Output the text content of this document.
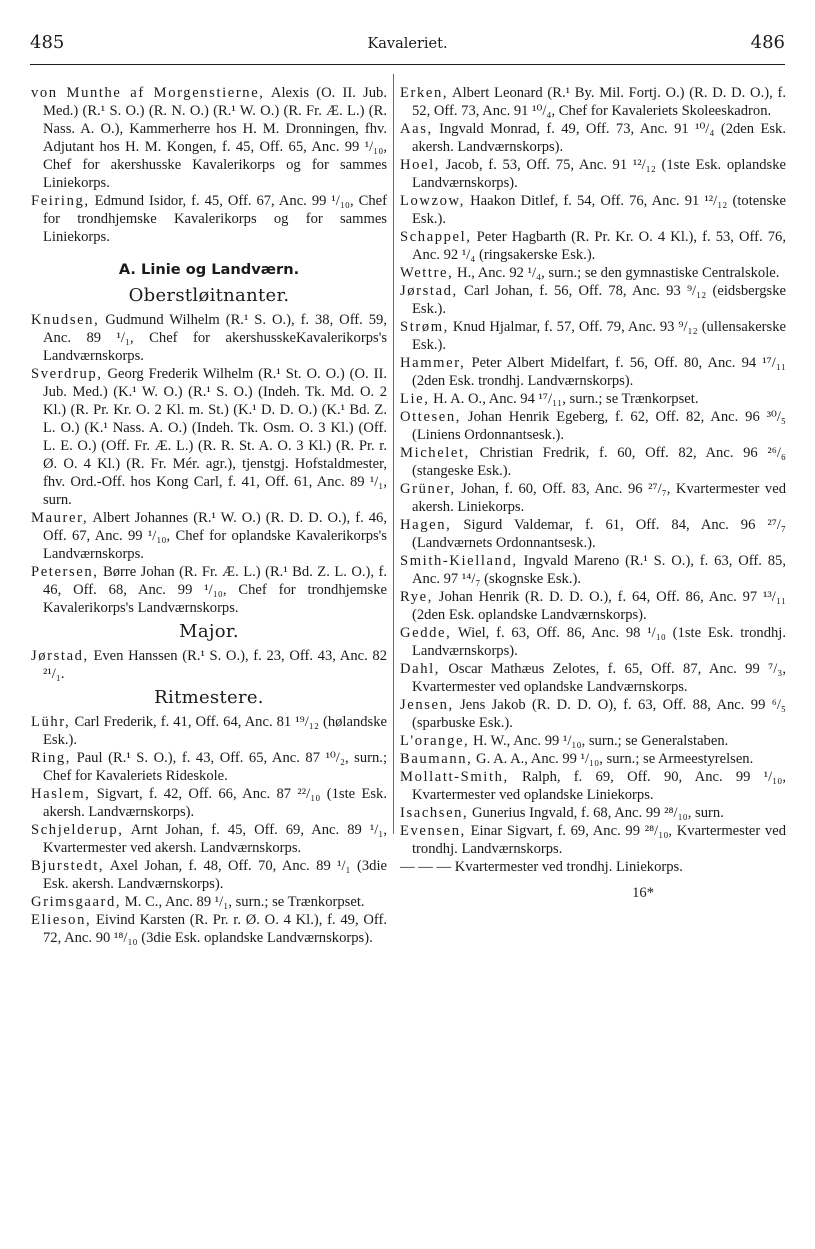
485	Kavaleriet.	486

von Munthe af Morgenstierne, Alexis (O. II. Jub. Med.) (R.¹ S. O.) (R. N. O.) (R.¹ W. O.) (R. Fr. Æ. L.) (R. Nass. A. O.), Kammerherre hos H. M. Dronningen, fhv. Adjutant hos H. M. Kongen, f. 45, Off. 65, Anc. 99 ¹/₁₀, Chef for akershusske Kavalerikorps og for sammes Liniekorps.

Feiring, Edmund Isidor, f. 45, Off. 67, Anc. 99 ¹/₁₀, Chef for trondhjemske Kavalerikorps og for sammes Liniekorps.

A. Linie og Landværn.
Oberstløitnanter.

Knudsen, Gudmund Wilhelm (R.¹ S. O.), f. 38, Off. 59, Anc. 89 ¹/₁, Chef for akershusskeKavalerikorps's Landværnskorps.

Sverdrup, Georg Frederik Wilhelm (R.¹ St. O. O.) (O. II. Jub. Med.) (K.¹ W. O.) (R.¹ S. O.) (Indeh. Tk. Md. O. 2 Kl.) (R. Pr. Kr. O. 2 Kl. m. St.) (K.¹ D. D. O.) (K.¹ Bd. Z. L. O.) (K.¹ Nass. A. O.) (Indeh. Tk. Osm. O. 3 Kl.) (Off. L. E. O.) (Off. Fr. Æ. L.) (R. R. St. A. O. 3 Kl.) (R. Pr. r. Ø. O. 4 Kl.) (R. Fr. Mér. agr.), tjenstgj. Hofstaldmester, fhv. Ord.-Off. hos Kong Carl, f. 41, Off. 61, Anc. 89 ¹/₁, surn.

Maurer, Albert Johannes (R.¹ W. O.) (R. D. D. O.), f. 46, Off. 67, Anc. 99 ¹/₁₀, Chef for oplandske Kavalerikorps's Landværnskorps.

Petersen, Børre Johan (R. Fr. Æ. L.) (R.¹ Bd. Z. L. O.), f. 46, Off. 68, Anc. 99 ¹/₁₀, Chef for trondhjemske Kavalerikorps's Landværnskorps.

Major.

Jørstad, Even Hanssen (R.¹ S. O.), f. 23, Off. 43, Anc. 82 ²¹/₁.

Ritmestere.

Lühr, Carl Frederik, f. 41, Off. 64, Anc. 81 ¹⁹/₁₂ (hølandske Esk.).

Ring, Paul (R.¹ S. O.), f. 43, Off. 65, Anc. 87 ¹⁰/₂, surn.; Chef for Kavaleriets Rideskole.

Haslem, Sigvart, f. 42, Off. 66, Anc. 87 ²²/₁₀ (1ste Esk. akersh. Landværnskorps).

Schjelderup, Arnt Johan, f. 45, Off. 69, Anc. 89 ¹/₁, Kvartermester ved akersh. Landværnskorps.

Bjurstedt, Axel Johan, f. 48, Off. 70, Anc. 89 ¹/₁ (3die Esk. akersh. Landværnskorps).

Grimsgaard, M. C., Anc. 89 ¹/₁, surn.; se Trænkorpset.

Elieson, Eivind Karsten (R. Pr. r. Ø. O. 4 Kl.), f. 49, Off. 72, Anc. 90 ¹⁸/₁₀ (3die Esk. oplandske Landværnskorps).

Erken, Albert Leonard (R.¹ By. Mil. Fortj. O.) (R. D. D. O.), f. 52, Off. 73, Anc. 91 ¹⁰/₄, Chef for Kavaleriets Skoleeskadron.

Aas, Ingvald Monrad, f. 49, Off. 73, Anc. 91 ¹⁰/₄ (2den Esk. akersh. Landværnskorps).

Hoel, Jacob, f. 53, Off. 75, Anc. 91 ¹²/₁₂ (1ste Esk. oplandske Landværnskorps).

Lowzow, Haakon Ditlef, f. 54, Off. 76, Anc. 91 ¹²/₁₂ (totenske Esk.).

Schappel, Peter Hagbarth (R. Pr. Kr. O. 4 Kl.), f. 53, Off. 76, Anc. 92 ¹/₄ (ringsakerske Esk.).

Wettre, H., Anc. 92 ¹/₄, surn.; se den gymnastiske Centralskole.

Jørstad, Carl Johan, f. 56, Off. 78, Anc. 93 ⁹/₁₂ (eidsbergske Esk.).

Strøm, Knud Hjalmar, f. 57, Off. 79, Anc. 93 ⁹/₁₂ (ullensakerske Esk.).

Hammer, Peter Albert Midelfart, f. 56, Off. 80, Anc. 94 ¹⁷/₁₁ (2den Esk. trondhj. Landværnskorps).

Lie, H. A. O., Anc. 94 ¹⁷/₁₁, surn.; se Trænkorpset.

Ottesen, Johan Henrik Egeberg, f. 62, Off. 82, Anc. 96 ³⁰/₅ (Liniens Ordonnantsesk.).

Michelet, Christian Fredrik, f. 60, Off. 82, Anc. 96 ²⁶/₆ (stangeske Esk.).

Grüner, Johan, f. 60, Off. 83, Anc. 96 ²⁷/₇, Kvartermester ved akersh. Liniekorps.

Hagen, Sigurd Valdemar, f. 61, Off. 84, Anc. 96 ²⁷/₇ (Landværnets Ordonnantsesk.).

Smith-Kielland, Ingvald Mareno (R.¹ S. O.), f. 63, Off. 85, Anc. 97 ¹⁴/₇ (skognske Esk.).

Rye, Johan Henrik (R. D. D. O.), f. 64, Off. 86, Anc. 97 ¹³/₁₁ (2den Esk. oplandske Landværnskorps).

Gedde, Wiel, f. 63, Off. 86, Anc. 98 ¹/₁₀ (1ste Esk. trondhj. Landværnskorps).

Dahl, Oscar Mathæus Zelotes, f. 65, Off. 87, Anc. 99 ⁷/₃, Kvartermester ved oplandske Landværnskorps.

Jensen, Jens Jakob (R. D. D. O), f. 63, Off. 88, Anc. 99 ⁶/₅ (sparbuske Esk.).

L'orange, H. W., Anc. 99 ¹/₁₀, surn.; se Generalstaben.

Baumann, G. A. A., Anc. 99 ¹/₁₀, surn.; se Armeestyrelsen.

Mollatt-Smith, Ralph, f. 69, Off. 90, Anc. 99 ¹/₁₀, Kvartermester ved oplandske Liniekorps.

Isachsen, Gunerius Ingvald, f. 68, Anc. 99 ²⁸/₁₀, surn.

Evensen, Einar Sigvart, f. 69, Anc. 99 ²⁸/₁₀, Kvartermester ved trondhj. Landværnskorps.

— — — Kvartermester ved trondhj. Liniekorps.

16*
